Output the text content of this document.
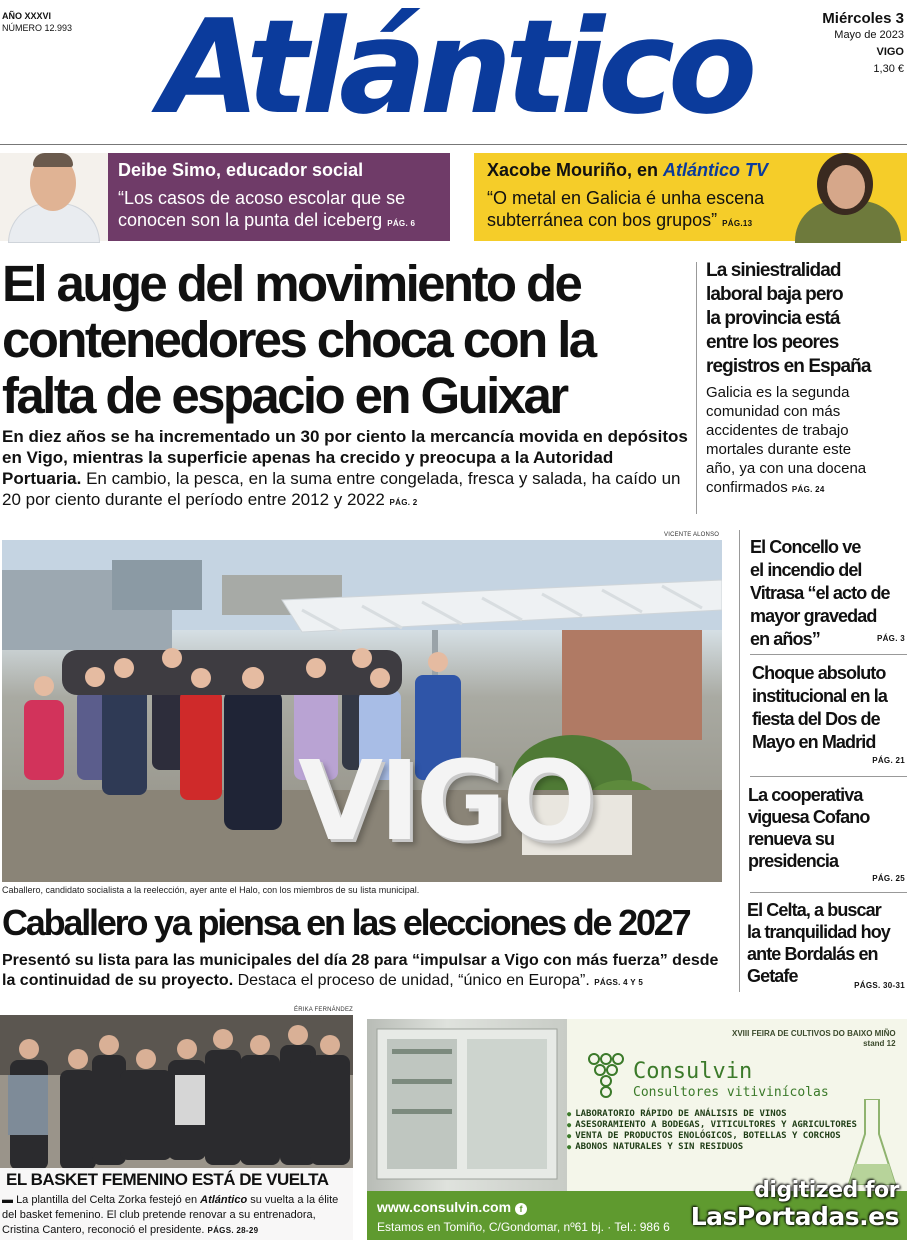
AÑO XXXVI
NÚMERO 12.993 Atlántico	Miércoles 3
Mayo de 2023
VIGO
1,30 €
Deibe Simo, educador social
“Los casos de acoso escolar que se
conocen son la punta del iceberg PÁG. 6
Xacobe Mouriño, en Atlántico TV
“O metal en Galicia é unha escena
subterránea con bos grupos” PÁG.13
El auge del movimiento de
contenedores choca con la
falta de espacio en Guixar
En diez años se ha incrementado un 30 por ciento la mercancía movida en depósitos en Vigo, mientras la superficie apenas ha crecido y preocupa a la Autoridad Portuaria. En cambio, la pesca, en la suma entre congelada, fresca y salada, ha caído un 20 por ciento durante el período entre 2012 y 2022 PÁG. 2
La siniestralidad
laboral baja pero
la provincia está
entre los peores
registros en España
Galicia es la segunda
comunidad con más
accidentes de trabajo
mortales durante este
año, ya con una docena
confirmados PÁG. 24
El Concello ve
el incendio del
Vitrasa “el acto de
mayor gravedad
en años”	PÁG. 3
Choque absoluto
institucional en la
fiesta del Dos de
Mayo en Madrid
PÁG. 21
La cooperativa
viguesa Cofano
renueva su
presidencia
PÁG. 25
El Celta, a buscar
la tranquilidad hoy
ante Bordalás en
Getafe	PÁGS. 30-31
VICENTE ALONSO
VIGO
Caballero, candidato socialista a la reelección, ayer ante el Halo, con los miembros de su lista municipal.
Caballero ya piensa en las elecciones de 2027
Presentó su lista para las municipales del día 28 para “impulsar a Vigo con más fuerza” desde la continuidad de su proyecto. Destaca el proceso de unidad, “único en Europa”. PÁGS. 4 Y 5
ÉRIKA FERNÁNDEZ
EL BASKET FEMENINO ESTÁ DE VUELTA
▬ La plantilla del Celta Zorka festejó en Atlántico su vuelta a la élite del basket femenino. El club pretende renovar a su entrenadora, Cristina Cantero, reconoció el presidente. PÁGS. 28-29
XVIII FEIRA DE CULTIVOS DO BAIXO MIÑO
stand 12
Consulvin
Consultores vitivinícolas
● LABORATORIO RÁPIDO DE ANÁLISIS DE VINOS
● ASESORAMIENTO A BODEGAS, VITICULTORES Y AGRICULTORES
● VENTA DE PRODUCTOS ENOLÓGICOS, BOTELLAS Y CORCHOS
● ABONOS NATURALES Y SIN RESIDUOS
www.consulvin.com f
Estamos en Tomiño, C/Gondomar, nº61 bj. · Tel.: 986 6
digitized for
LasPortadas.es
